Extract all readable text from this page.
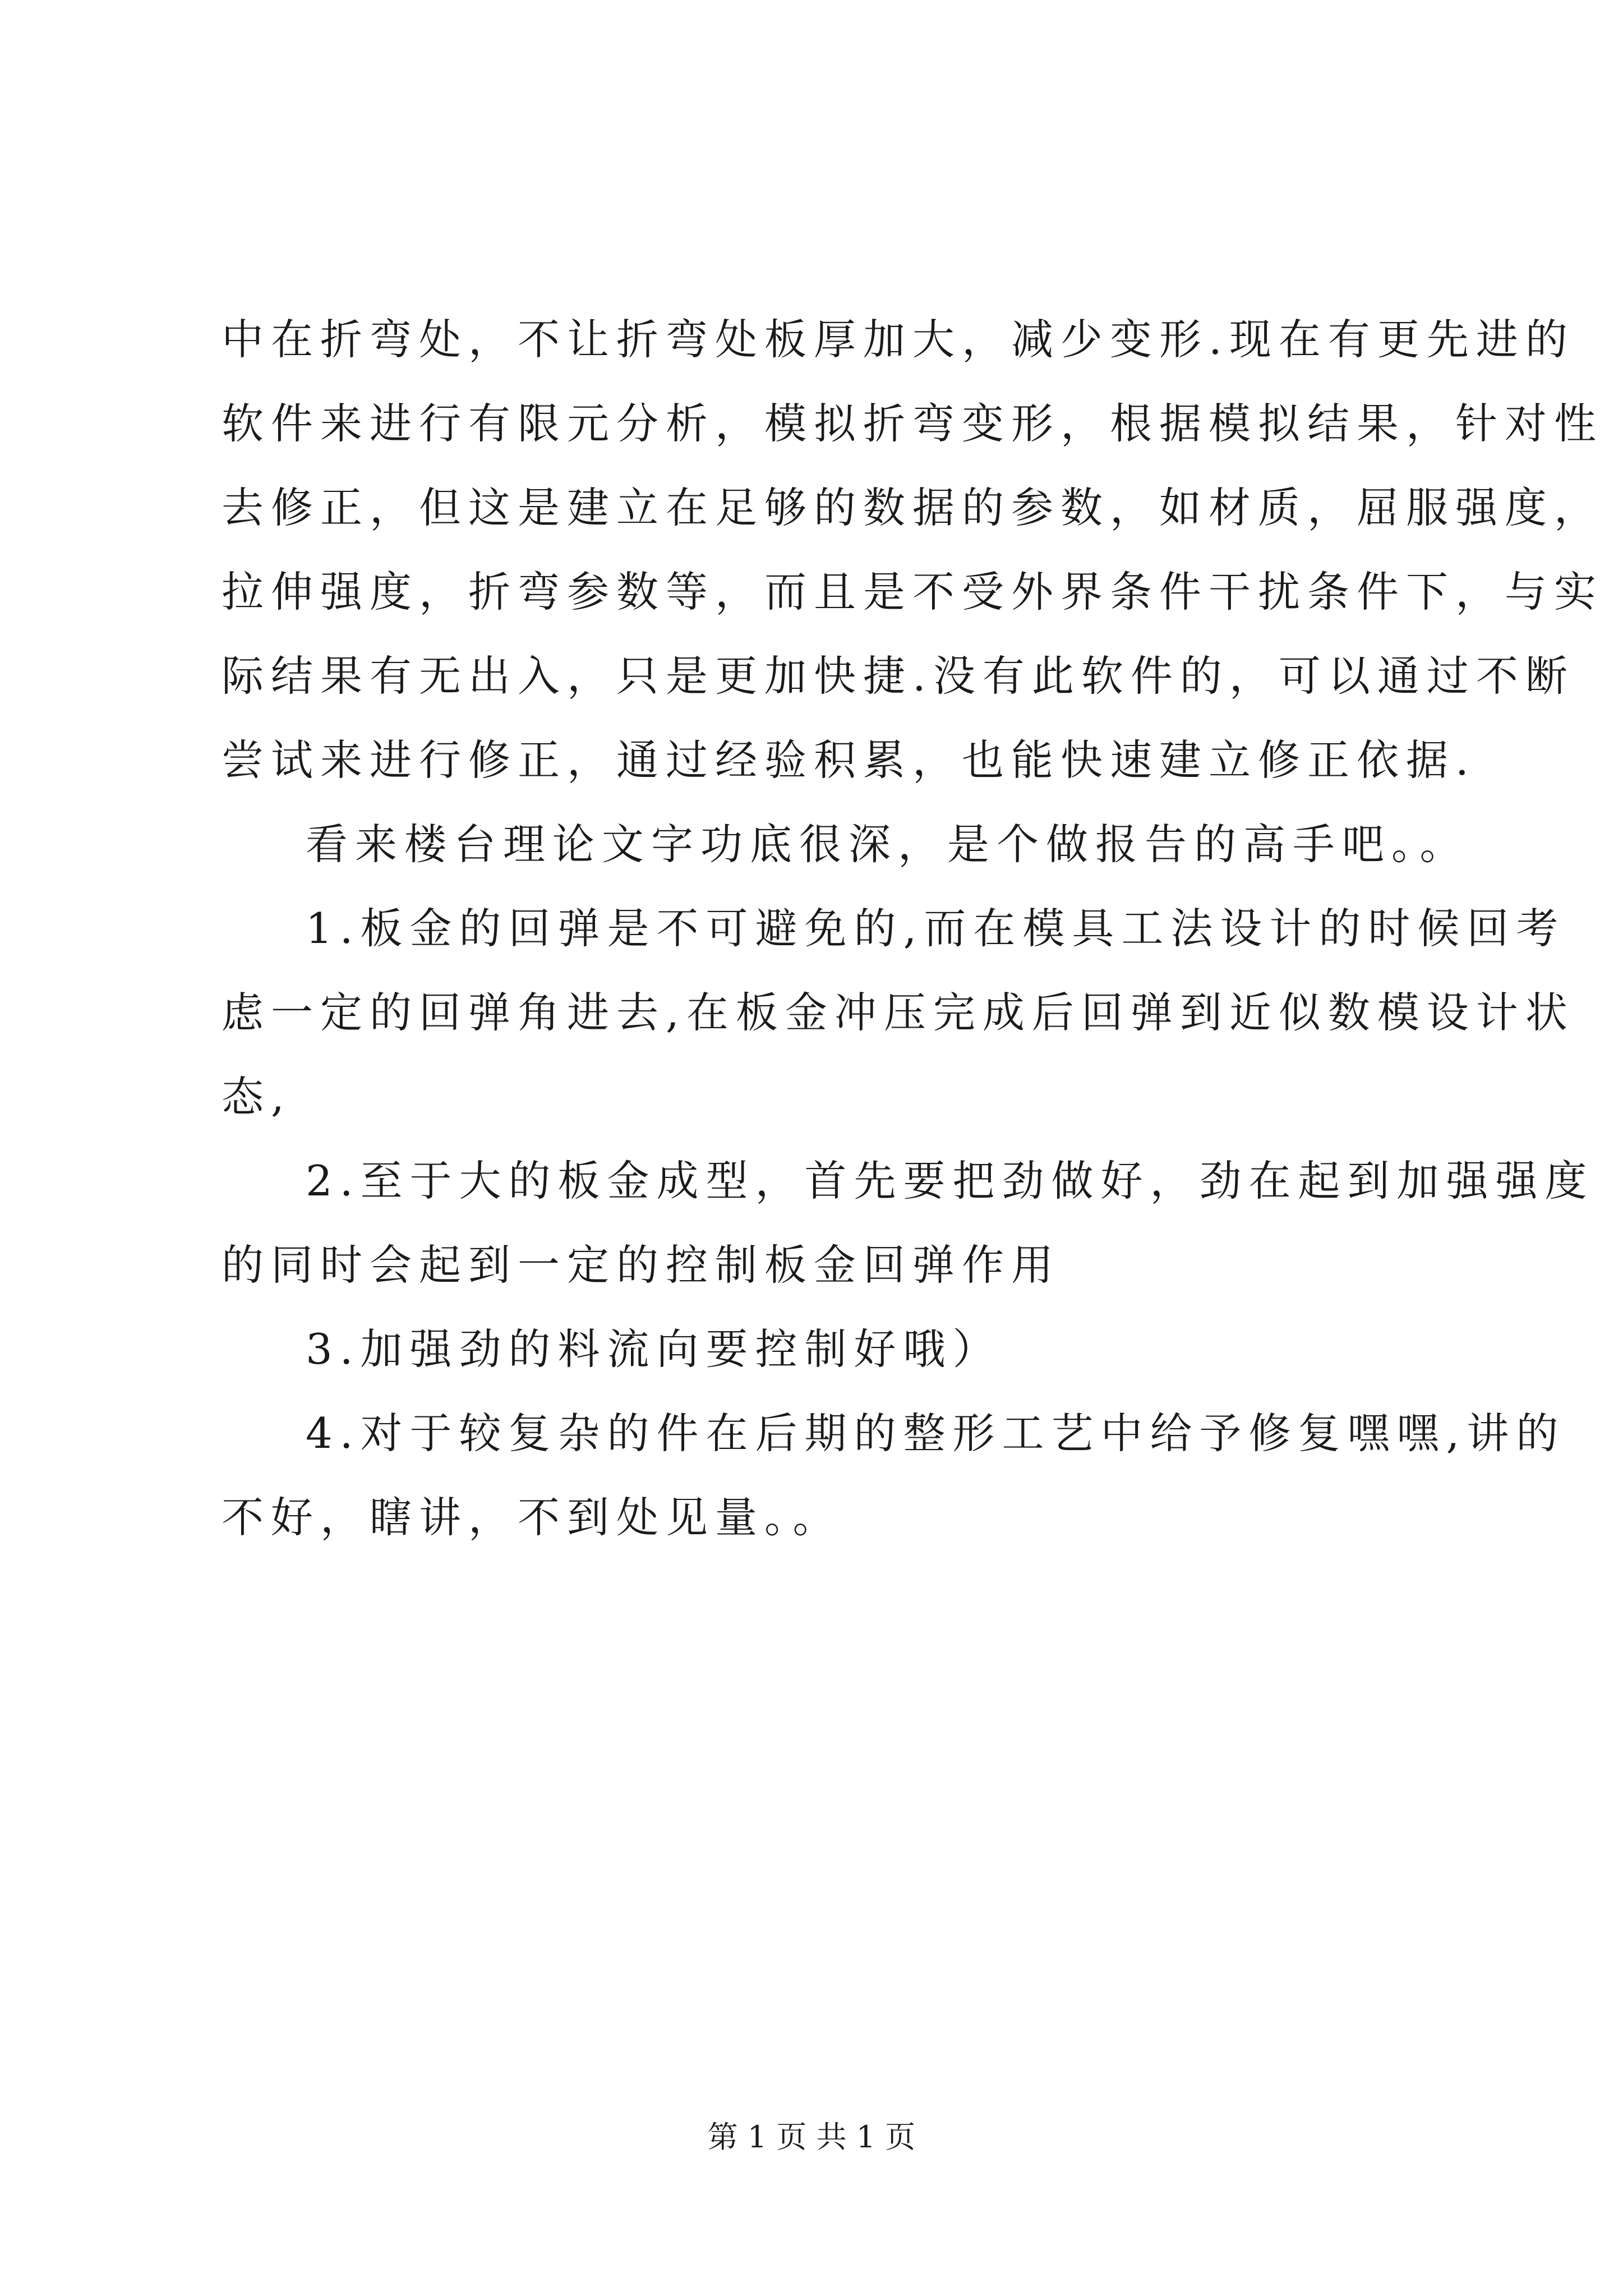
中在折弯处，不让折弯处板厚加大，减少变形.现在有更先进的
软件来进行有限元分析，模拟折弯变形，根据模拟结果，针对性
去修正，但这是建立在足够的数据的参数，如材质，屈服强度，
拉伸强度，折弯参数等，而且是不受外界条件干扰条件下，与实
际结果有无出入，只是更加快捷.没有此软件的，可以通过不断
尝试来进行修正，通过经验积累，也能快速建立修正依据.
看来楼台理论文字功底很深，是个做报告的高手吧。。
1.板金的回弹是不可避免的,而在模具工法设计的时候回考
虑一定的回弹角进去,在板金冲压完成后回弹到近似数模设计状
态,
2.至于大的板金成型，首先要把劲做好，劲在起到加强强度
的同时会起到一定的控制板金回弹作用
3.加强劲的料流向要控制好哦）
4.对于较复杂的件在后期的整形工艺中给予修复嘿嘿,讲的
不好，瞎讲，不到处见量。。
第 1 页 共 1 页
